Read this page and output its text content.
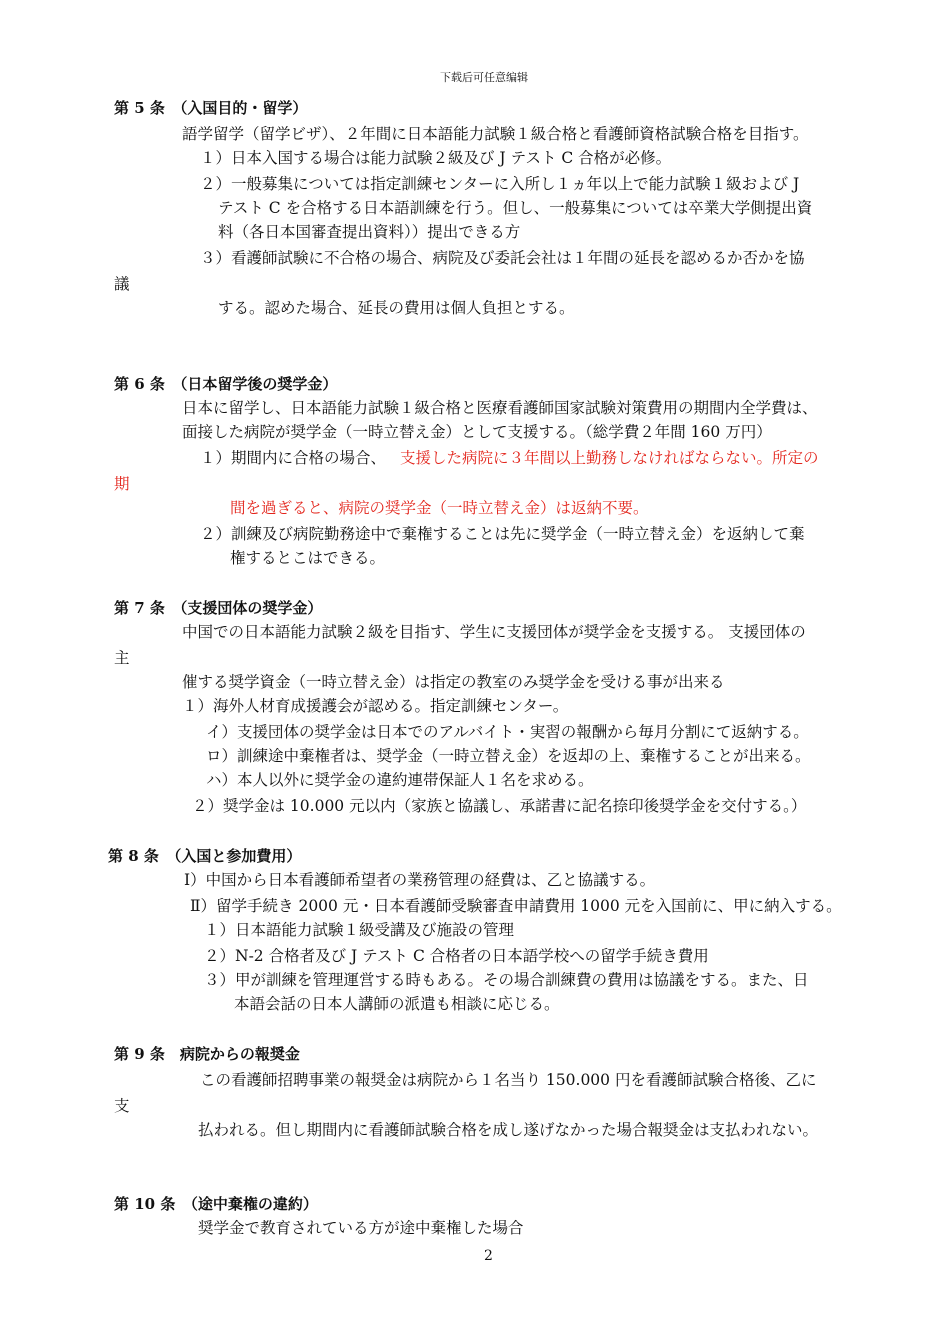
下载后可任意编辑
第 5 条　（入国目的・留学）
語学留学（留学ビザ）、２年間に日本語能力試験１級合格と看護師資格試験合格を目指す。
１）日本入国する場合は能力試験２級及び J テスト C 合格が必修。
２）一般募集については指定訓練センターに入所し１ヵ年以上で能力試験１級および J
テスト C を合格する日本語訓練を行う。但し、一般募集については卒業大学側提出資
料（各日本国審査提出資料））提出できる方
３）看護師試験に不合格の場合、病院及び委託会社は１年間の延長を認めるか否かを協
議
する。認めた場合、延長の費用は個人負担とする。
第 6 条　（日本留学後の奨学金）
日本に留学し、日本語能力試験１級合格と医療看護師国家試験対策費用の期間内全学費は、
面接した病院が奨学金（一時立替え金）として支援する。（総学費２年間 160 万円）
１）期間内に合格の場合、 支援した病院に３年間以上勤務しなければならない。所定の
期
間を過ぎると、病院の奨学金（一時立替え金）は返納不要。
２）訓練及び病院勤務途中で棄権することは先に奨学金（一時立替え金）を返納して棄
権するとこはできる。
第 7 条　（支援団体の奨学金）
中国での日本語能力試験２級を目指す、学生に支援団体が奨学金を支援する。 支援団体の
主
催する奨学資金（一時立替え金）は指定の教室のみ奨学金を受ける事が出来る
１）海外人材育成援護会が認める。指定訓練センター。
イ）支援団体の奨学金は日本でのアルバイト・実習の報酬から毎月分割にて返納する。
ロ）訓練途中棄権者は、奨学金（一時立替え金）を返却の上、棄権することが出来る。
ハ）本人以外に奨学金の違約連帯保証人１名を求める。
２）奨学金は 10.000 元以内（家族と協議し、承諾書に記名捺印後奨学金を交付する。）
第 8 条　（入国と参加費用）
Ⅰ）中国から日本看護師希望者の業務管理の経費は、乙と協議する。
Ⅱ）留学手続き 2000 元・日本看護師受験審査申請費用 1000 元を入国前に、甲に納入する。
１）日本語能力試験１級受講及び施設の管理
２）N-2 合格者及び J テスト C 合格者の日本語学校への留学手続き費用
３）甲が訓練を管理運営する時もある。その場合訓練費の費用は協議をする。また、日
本語会話の日本人講師の派遣も相談に応じる。
第 9 条　病院からの報奨金
この看護師招聘事業の報奨金は病院から１名当り 150.000 円を看護師試験合格後、乙に
支
払われる。但し期間内に看護師試験合格を成し遂げなかった場合報奨金は支払われない。
第 10 条　（途中棄権の違約）
奨学金で教育されている方が途中棄権した場合
2
